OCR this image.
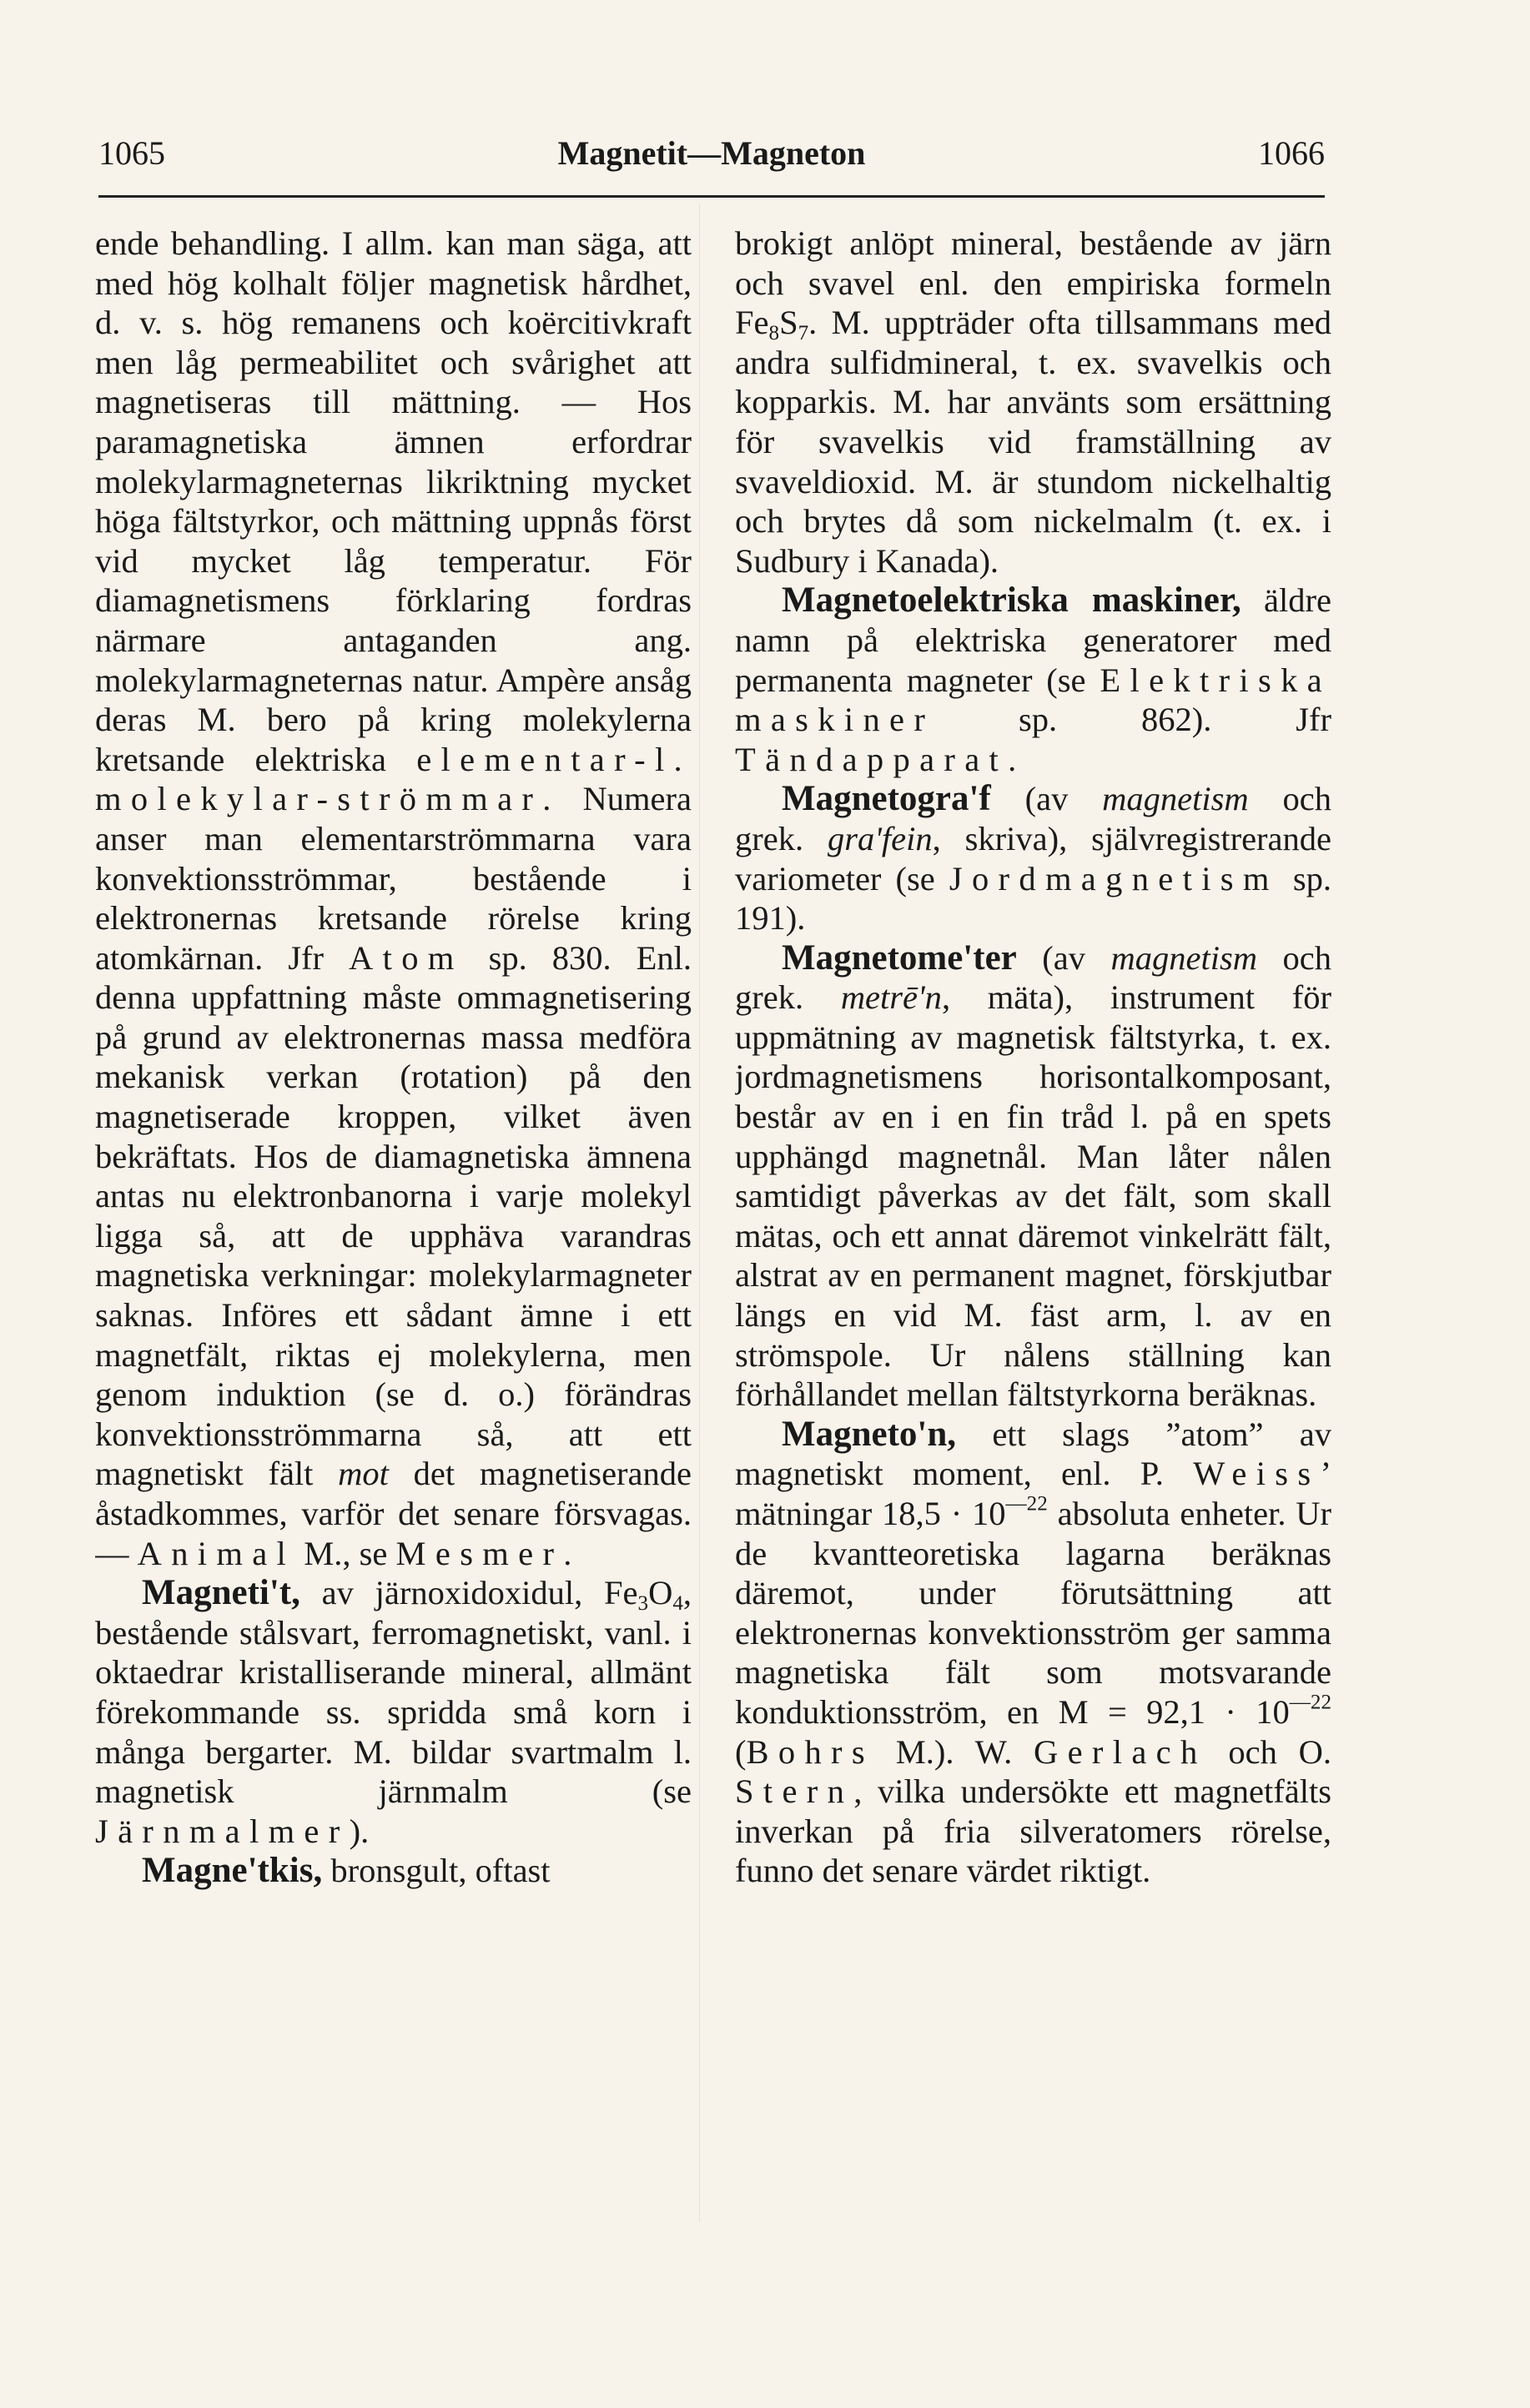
1065	Magnetit—Magneton	1066

ende behandling. I allm. kan man säga, att med hög kolhalt följer magnetisk hårdhet, d. v. s. hög remanens och koërcitivkraft men låg permeabilitet och svårighet att magnetiseras till mättning. — Hos paramagnetiska ämnen erfordrar molekylarmagneternas likriktning mycket höga fältstyrkor, och mättning uppnås först vid mycket låg temperatur. För diamagnetismens förklaring fordras närmare antaganden ang. molekylarmagneternas natur. Ampère ansåg deras M. bero på kring molekylerna kretsande elektriska elementar-l. molekylar-strömmar. Numera anser man elementarströmmarna vara konvektionsströmmar, bestående i elektronernas kretsande rörelse kring atomkärnan. Jfr Atom sp. 830. Enl. denna uppfattning måste ommagnetisering på grund av elektronernas massa medföra mekanisk verkan (rotation) på den magnetiserade kroppen, vilket även bekräftats. Hos de diamagnetiska ämnena antas nu elektronbanorna i varje molekyl ligga så, att de upphäva varandras magnetiska verkningar: molekylarmagneter saknas. Införes ett sådant ämne i ett magnetfält, riktas ej molekylerna, men genom induktion (se d. o.) förändras konvektionsströmmarna så, att ett magnetiskt fält mot det magnetiserande åstadkommes, varför det senare försvagas. — Animal M., se Mesmer.

Magneti't, av järnoxidoxidul, $Fe_3O_4$, bestående stålsvart, ferromagnetiskt, vanl. i oktaedrar kristalliserande mineral, allmänt förekommande ss. spridda små korn i många bergarter. M. bildar svartmalm l. magnetisk järnmalm (se Järnmalmer).

Magne'tkis, bronsgult, oftast

brokigt anlöpt mineral, bestående av järn och svavel enl. den empiriska formeln $Fe_8S_7$. M. uppträder ofta tillsammans med andra sulfidmineral, t. ex. svavelkis och kopparkis. M. har använts som ersättning för svavelkis vid framställning av svaveldioxid. M. är stundom nickelhaltig och brytes då som nickelmalm (t. ex. i Sudbury i Kanada).

Magnetoelektriska maskiner, äldre namn på elektriska generatorer med permanenta magneter (se Elektriska maskiner sp. 862). Jfr Tändapparat.

Magnetogra'f (av magnetism och grek. gra'fein, skriva), självregistrerande variometer (se Jordmagnetism sp. 191).

Magnetome'ter (av magnetism och grek. metrē'n, mäta), instrument för uppmätning av magnetisk fältstyrka, t. ex. jordmagnetismens horisontalkomposant, består av en i en fin tråd l. på en spets upphängd magnetnål. Man låter nålen samtidigt påverkas av det fält, som skall mätas, och ett annat däremot vinkelrätt fält, alstrat av en permanent magnet, förskjutbar längs en vid M. fäst arm, l. av en strömspole. Ur nålens ställning kan förhållandet mellan fältstyrkorna beräknas.

Magneto'n, ett slags ”atom” av magnetiskt moment, enl. P. Weiss’ mätningar $18,5 \cdot 10^{—22}$ absoluta enheter. Ur de kvantteoretiska lagarna beräknas däremot, under förutsättning att elektronernas konvektionsström ger samma magnetiska fält som motsvarande konduktionsström, en $M = 92,1 \cdot 10^{—22}$ (Bohrs M.). W. Gerlach och O. Stern, vilka undersökte ett magnetfälts inverkan på fria silveratomers rörelse, funno det senare värdet riktigt.
